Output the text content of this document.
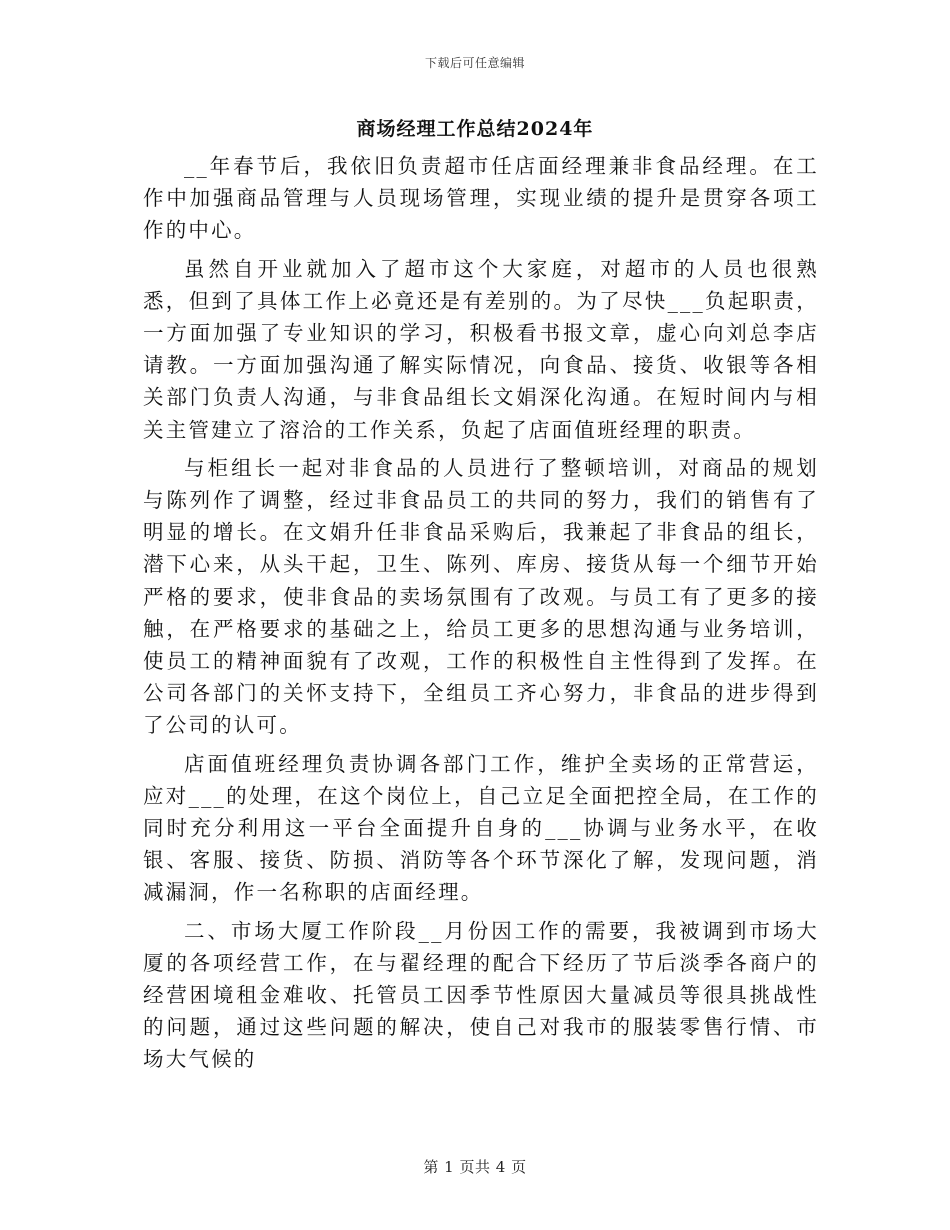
下载后可任意编辑
商场经理工作总结2024年

__年春节后，我依旧负责超市任店面经理兼非食品经理。在工作中加强商品管理与人员现场管理，实现业绩的提升是贯穿各项工作的中心。

虽然自开业就加入了超市这个大家庭，对超市的人员也很熟悉，但到了具体工作上必竟还是有差别的。为了尽快___负起职责，一方面加强了专业知识的学习，积极看书报文章，虚心向刘总李店请教。一方面加强沟通了解实际情况，向食品、接货、收银等各相关部门负责人沟通，与非食品组长文娟深化沟通。在短时间内与相关主管建立了溶洽的工作关系，负起了店面值班经理的职责。

与柜组长一起对非食品的人员进行了整顿培训，对商品的规划与陈列作了调整，经过非食品员工的共同的努力，我们的销售有了明显的增长。在文娟升任非食品采购后，我兼起了非食品的组长，潜下心来，从头干起，卫生、陈列、库房、接货从每一个细节开始严格的要求，使非食品的卖场氛围有了改观。与员工有了更多的接触，在严格要求的基础之上，给员工更多的思想沟通与业务培训，使员工的精神面貌有了改观，工作的积极性自主性得到了发挥。在公司各部门的关怀支持下，全组员工齐心努力，非食品的进步得到了公司的认可。

店面值班经理负责协调各部门工作，维护全卖场的正常营运，应对___的处理，在这个岗位上，自己立足全面把控全局，在工作的同时充分利用这一平台全面提升自身的___协调与业务水平，在收银、客服、接货、防损、消防等各个环节深化了解，发现问题，消减漏洞，作一名称职的店面经理。

二、市场大厦工作阶段__月份因工作的需要，我被调到市场大厦的各项经营工作，在与翟经理的配合下经历了节后淡季各商户的经营困境租金难收、托管员工因季节性原因大量减员等很具挑战性的问题，通过这些问题的解决，使自己对我市的服装零售行情、市场大气候的

第 1 页共 4 页
